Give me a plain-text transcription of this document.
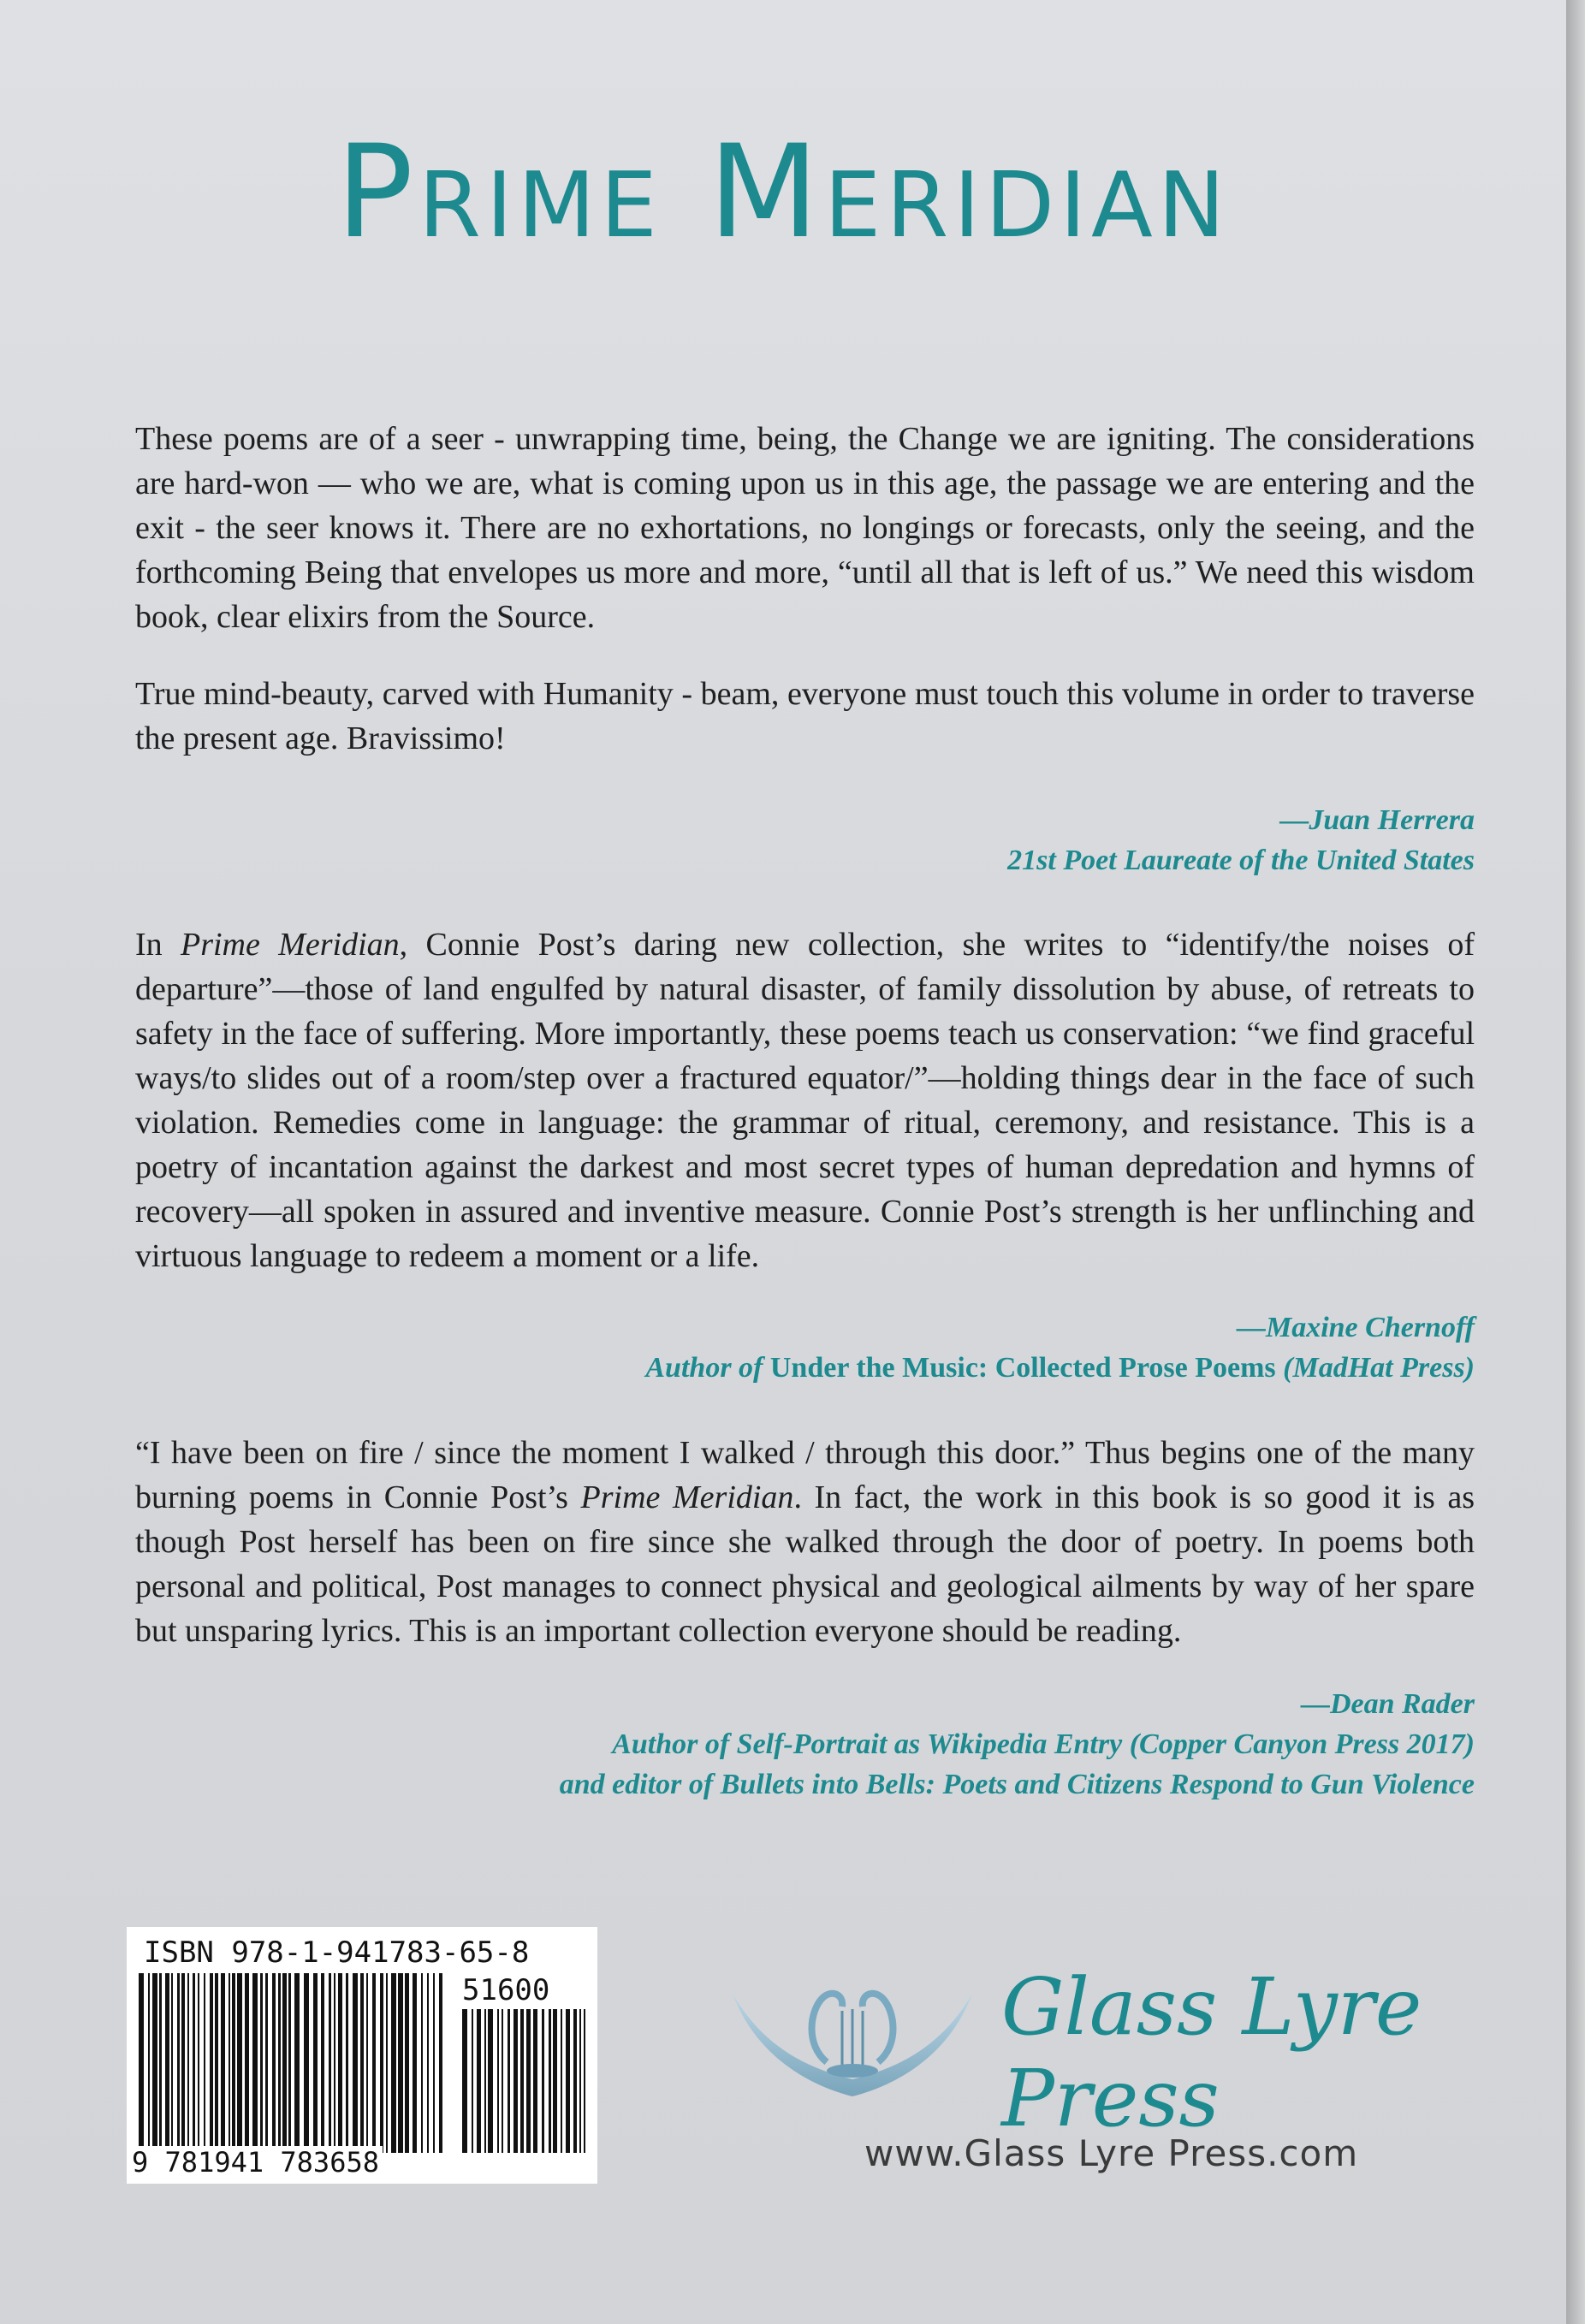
Prime Meridian

These poems are of a seer - unwrapping time, being, the Change we are igniting. The considerations are hard-won — who we are, what is coming upon us in this age, the passage we are entering and the exit - the seer knows it. There are no exhortations, no longings or forecasts, only the seeing, and the forthcoming Being that envelopes us more and more, “until all that is left of us.” We need this wisdom book, clear elixirs from the Source.

True mind-beauty, carved with Humanity - beam, everyone must touch this volume in order to traverse the present age. Bravissimo!

—Juan Herrera
21st Poet Laureate of the United States

In Prime Meridian, Connie Post’s daring new collection, she writes to “identify/the noises of departure”—those of land engulfed by natural disaster, of family dissolution by abuse, of retreats to safety in the face of suffering. More importantly, these poems teach us conservation: “we find graceful ways/to slides out of a room/step over a fractured equator/”—holding things dear in the face of such violation. Remedies come in language: the grammar of ritual, ceremony, and resistance. This is a poetry of incantation against the darkest and most secret types of human depredation and hymns of recovery—all spoken in assured and inventive measure. Connie Post’s strength is her unflinching and virtuous language to redeem a moment or a life.

—Maxine Chernoff
Author of Under the Music: Collected Prose Poems (MadHat Press)

“I have been on fire / since the moment I walked / through this door.” Thus begins one of the many burning poems in Connie Post’s Prime Meridian. In fact, the work in this book is so good it is as though Post herself has been on fire since she walked through the door of poetry. In poems both personal and political, Post manages to connect physical and geological ailments by way of her spare but unsparing lyrics. This is an important collection everyone should be reading.

—Dean Rader
Author of Self-Portrait as Wikipedia Entry (Copper Canyon Press 2017)
and editor of Bullets into Bells: Poets and Citizens Respond to Gun Violence
ISBN 978-1-941783-65-8
51600
9 781941 783658
Glass Lyre Press
www.Glass Lyre Press.com
